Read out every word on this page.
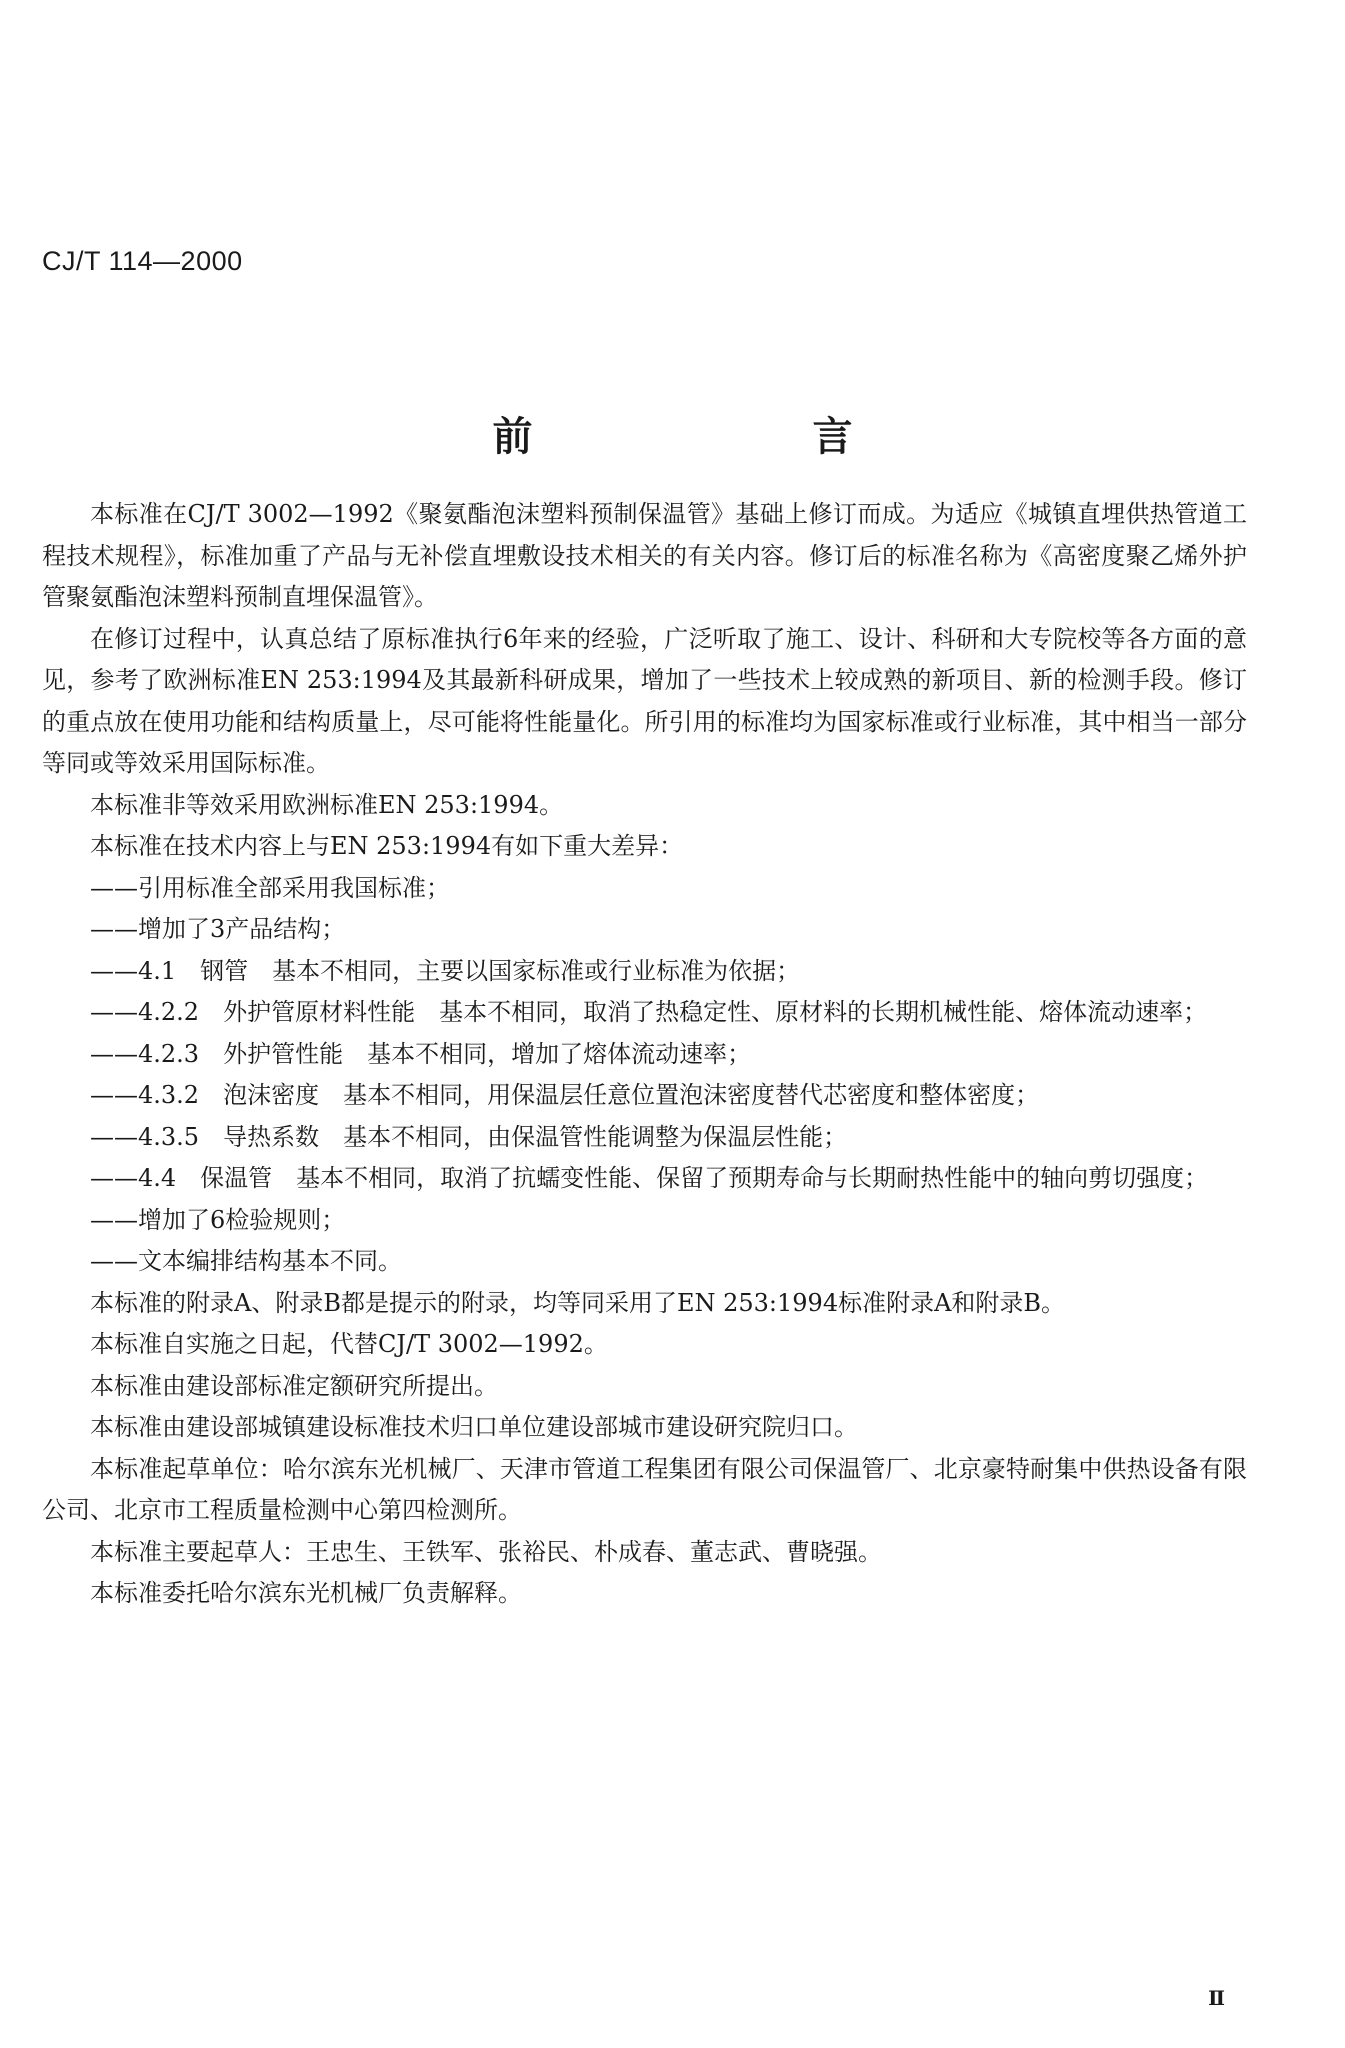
CJ/T 114—2000
前　言

本标准在CJ/T 3002—1992《聚氨酯泡沫塑料预制保温管》基础上修订而成。为适应《城镇直埋供热管道工程技术规程》，标准加重了产品与无补偿直埋敷设技术相关的有关内容。修订后的标准名称为《高密度聚乙烯外护管聚氨酯泡沫塑料预制直埋保温管》。

在修订过程中，认真总结了原标准执行6年来的经验，广泛听取了施工、设计、科研和大专院校等各方面的意见，参考了欧洲标准EN 253:1994及其最新科研成果，增加了一些技术上较成熟的新项目、新的检测手段。修订的重点放在使用功能和结构质量上，尽可能将性能量化。所引用的标准均为国家标准或行业标准，其中相当一部分等同或等效采用国际标准。

本标准非等效采用欧洲标准EN 253:1994。

本标准在技术内容上与EN 253:1994有如下重大差异：

——引用标准全部采用我国标准；

——增加了3产品结构；

——4.1　钢管　基本不相同，主要以国家标准或行业标准为依据；

——4.2.2　外护管原材料性能　基本不相同，取消了热稳定性、原材料的长期机械性能、熔体流动速率；

——4.2.3　外护管性能　基本不相同，增加了熔体流动速率；

——4.3.2　泡沫密度　基本不相同，用保温层任意位置泡沫密度替代芯密度和整体密度；

——4.3.5　导热系数　基本不相同，由保温管性能调整为保温层性能；

——4.4　保温管　基本不相同，取消了抗蠕变性能、保留了预期寿命与长期耐热性能中的轴向剪切强度；

——增加了6检验规则；

——文本编排结构基本不同。

本标准的附录A、附录B都是提示的附录，均等同采用了EN 253:1994标准附录A和附录B。

本标准自实施之日起，代替CJ/T 3002—1992。

本标准由建设部标准定额研究所提出。

本标准由建设部城镇建设标准技术归口单位建设部城市建设研究院归口。

本标准起草单位：哈尔滨东光机械厂、天津市管道工程集团有限公司保温管厂、北京豪特耐集中供热设备有限公司、北京市工程质量检测中心第四检测所。

本标准主要起草人：王忠生、王铁军、张裕民、朴成春、董志武、曹晓强。

本标准委托哈尔滨东光机械厂负责解释。

Ⅱ
